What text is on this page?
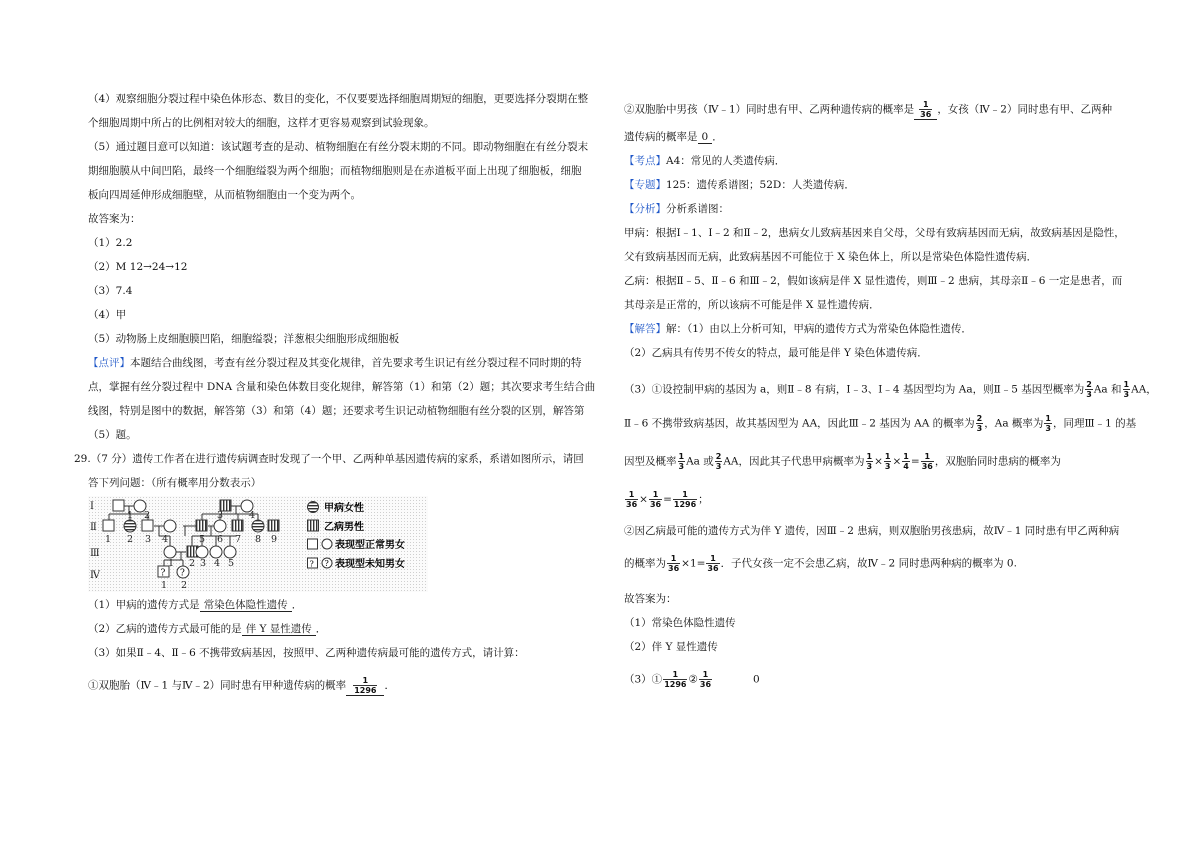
（4）观察细胞分裂过程中染色体形态、数目的变化，不仅要要选择细胞周期短的细胞，更要选择分裂期在整

个细胞周期中所占的比例相对较大的细胞，这样才更容易观察到试验现象。

（5）通过题目意可以知道：该试题考查的是动、植物细胞在有丝分裂末期的不同。即动物细胞在有丝分裂末

期细胞膜从中间凹陷，最终一个细胞缢裂为两个细胞；而植物细胞则是在赤道板平面上出现了细胞板，细胞

板向四周延伸形成细胞壁，从而植物细胞由一个变为两个。

故答案为：

（1）2.2

（2）M 12→24→12

（3）7.4

（4）甲

（5）动物肠上皮细胞膜凹陷，细胞缢裂；洋葱根尖细胞形成细胞板

【点评】本题结合曲线图，考查有丝分裂过程及其变化规律，首先要求考生识记有丝分裂过程不同时期的特

点，掌握有丝分裂过程中 DNA 含量和染色体数目变化规律，解答第（1）和第（2）题；其次要求考生结合曲

线图，特别是图中的数据，解答第（3）和第（4）题；还要求考生识记动植物细胞有丝分裂的区别，解答第

（5）题。

29.（7 分）遗传工作者在进行遗传病调查时发现了一个甲、乙两种单基因遗传病的家系，系谱如图所示，请回

答下列问题：（所有概率用分数表示）

? ?
Ⅰ
Ⅱ
Ⅲ
Ⅳ
1 2	3	4
1 2 3 4	5 6 7 8 9
1 2 3 4 5
1 2
甲病女性
乙病男性
表现型正常男女
? ? 表现型未知男女

（1）甲病的遗传方式是 常染色体隐性遗传 ．

（2）乙病的遗传方式最可能的是 伴 Y 显性遗传 ．

（3）如果Ⅱ﹣4、Ⅱ﹣6 不携带致病基因，按照甲、乙两种遗传病最可能的遗传方式，请计算：

①双胞胎（Ⅳ﹣1 与Ⅳ﹣2）同时患有甲种遗传病的概率 $\frac{1}{1296}$ ．

②双胞胎中男孩（Ⅳ﹣1）同时患有甲、乙两种遗传病的概率是 $\frac{1}{36}$ ，女孩（Ⅳ﹣2）同时患有甲、乙两种

遗传病的概率是 0 ．

【考点】A4：常见的人类遗传病．

【专题】125：遗传系谱图；52D：人类遗传病．

【分析】分析系谱图：

甲病：根据Ⅰ﹣1、Ⅰ﹣2 和Ⅱ﹣2，患病女儿致病基因来自父母，父母有致病基因而无病，故致病基因是隐性，

父有致病基因而无病，此致病基因不可能位于 X 染色体上，所以是常染色体隐性遗传病．

乙病：根据Ⅱ﹣5、Ⅱ﹣6 和Ⅲ﹣2，假如该病是伴 X 显性遗传，则Ⅲ﹣2 患病，其母亲Ⅱ﹣6 一定是患者，而

其母亲是正常的，所以该病不可能是伴 X 显性遗传病．

【解答】解：（1）由以上分析可知，甲病的遗传方式为常染色体隐性遗传．

（2）乙病具有传男不传女的特点，最可能是伴 Y 染色体遗传病．

（3）①设控制甲病的基因为 a，则Ⅱ﹣8 有病，Ⅰ﹣3、Ⅰ﹣4 基因型均为 Aa，则Ⅱ﹣5 基因型概率为 $\frac{2}{3}$ Aa 和 $\frac{1}{3}$ AA，

Ⅱ﹣6 不携带致病基因，故其基因型为 AA，因此Ⅲ﹣2 基因为 AA 的概率为 $\frac{2}{3}$ ，Aa 概率为 $\frac{1}{3}$ ，同理Ⅲ﹣1 的基

因型及概率 $\frac{1}{3}$ Aa 或 $\frac{2}{3}$ AA，因此其子代患甲病概率为 $\frac{1}{3} \times \frac{1}{3} \times \frac{1}{4} = \frac{1}{36}$ ，双胞胎同时患病的概率为

$\frac{1}{36} \times \frac{1}{36} = \frac{1}{1296}$ ；

②因乙病最可能的遗传方式为伴 Y 遗传，因Ⅲ﹣2 患病，则双胞胎男孩患病，故Ⅳ﹣1 同时患有甲乙两种病

的概率为 $\frac{1}{36} \times 1= \frac{1}{36}$ ．子代女孩一定不会患乙病，故Ⅳ﹣2 同时患两种病的概率为 0.

故答案为：

（1）常染色体隐性遗传

（2）伴 Y 显性遗传

（3）① $\frac{1}{1296}$ ② $\frac{1}{36}$	0
